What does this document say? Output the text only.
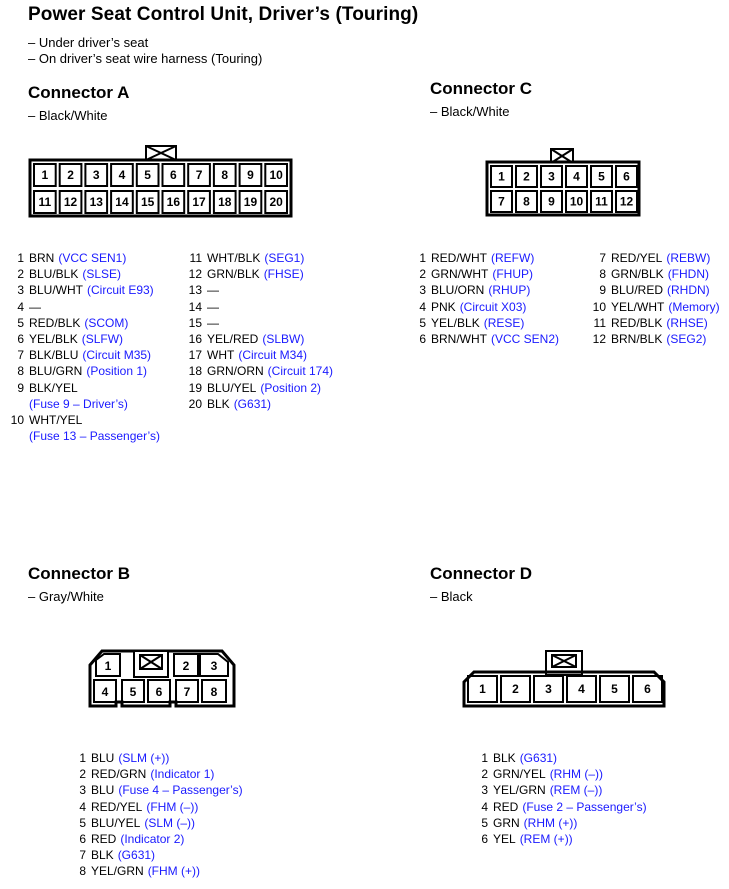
Power Seat Control Unit, Driver’s (Touring)
– Under driver’s seat
– On driver’s seat wire harness (Touring)
Connector A
– Black/White
1 2 3 4 5 6 7 8 9 10
11 12 13 14 15 16 17 18 19 20
Connector C
– Black/White
1 2 3 4 5 6
7 8 9 10 11 12
1 BRN (VCC SEN1)
2 BLU/BLK (SLSE)
3 BLU/WHT (Circuit E93)
4 —
5 RED/BLK (SCOM)
6 YEL/BLK (SLFW)
7 BLK/BLU (Circuit M35)
8 BLU/GRN (Position 1)
9 BLK/YEL
(Fuse 9 – Driver’s)
10 WHT/YEL
(Fuse 13 – Passenger’s)
11 WHT/BLK (SEG1)
12 GRN/BLK (FHSE)
13 —
14 —
15 —
16 YEL/RED (SLBW)
17 WHT (Circuit M34)
18 GRN/ORN (Circuit 174)
19 BLU/YEL (Position 2)
20 BLK (G631)
1 RED/WHT (REFW)
2 GRN/WHT (FHUP)
3 BLU/ORN (RHUP)
4 PNK (Circuit X03)
5 YEL/BLK (RESE)
6 BRN/WHT (VCC SEN2)
7 RED/YEL (REBW)
8 GRN/BLK (FHDN)
9 BLU/RED (RHDN)
10 YEL/WHT (Memory)
11 RED/BLK (RHSE)
12 BRN/BLK (SEG2)
Connector B
– Gray/White
1	2 3
4 5 6 7 8
1 BLU (SLM (+))
2 RED/GRN (Indicator 1)
3 BLU (Fuse 4 – Passenger’s)
4 RED/YEL (FHM (–))
5 BLU/YEL (SLM (–))
6 RED (Indicator 2)
7 BLK (G631)
8 YEL/GRN (FHM (+))
Connector D
– Black
1 2 3 4 5 6
1 BLK (G631)
2 GRN/YEL (RHM (–))
3 YEL/GRN (REM (–))
4 RED (Fuse 2 – Passenger’s)
5 GRN (RHM (+))
6 YEL (REM (+))
